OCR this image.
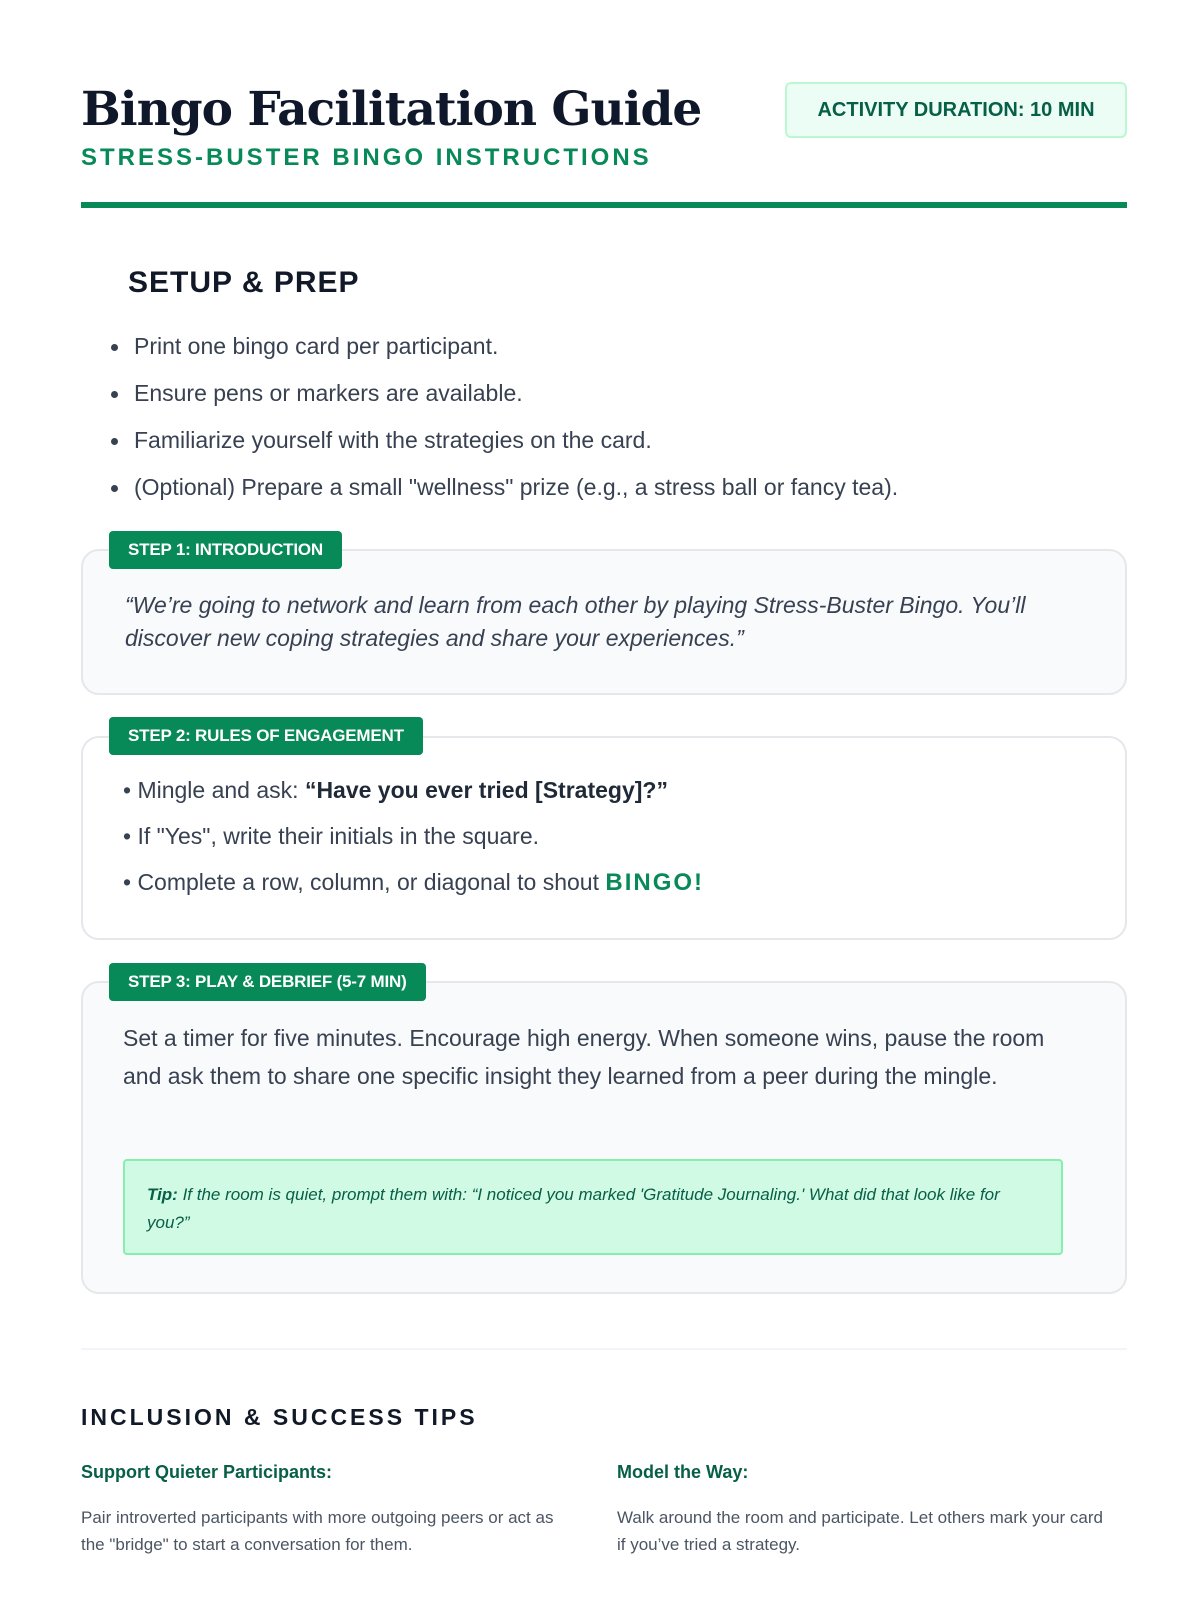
Bingo Facilitation Guide
STRESS-BUSTER BINGO INSTRUCTIONS
ACTIVITY DURATION: 10 MIN
SETUP & PREP
Print one bingo card per participant.
Ensure pens or markers are available.
Familiarize yourself with the strategies on the card.
(Optional) Prepare a small "wellness" prize (e.g., a stress ball or fancy tea).
“We’re going to network and learn from each other by playing Stress-Buster Bingo. You’ll discover new coping strategies and share your experiences.”
STEP 1: INTRODUCTION
• Mingle and ask: “Have you ever tried [Strategy]?”
• If "Yes", write their initials in the square.
• Complete a row, column, or diagonal to shout BINGO!
STEP 2: RULES OF ENGAGEMENT
Set a timer for five minutes. Encourage high energy. When someone wins, pause the room and ask them to share one specific insight they learned from a peer during the mingle.
Tip: If the room is quiet, prompt them with: “I noticed you marked 'Gratitude Journaling.' What did that look like for you?”
STEP 3: PLAY & DEBRIEF (5-7 MIN)
INCLUSION & SUCCESS TIPS
Support Quieter Participants:

Pair introverted participants with more outgoing peers or act as the "bridge" to start a conversation for them.

Model the Way:

Walk around the room and participate. Let others mark your card if you’ve tried a strategy.
